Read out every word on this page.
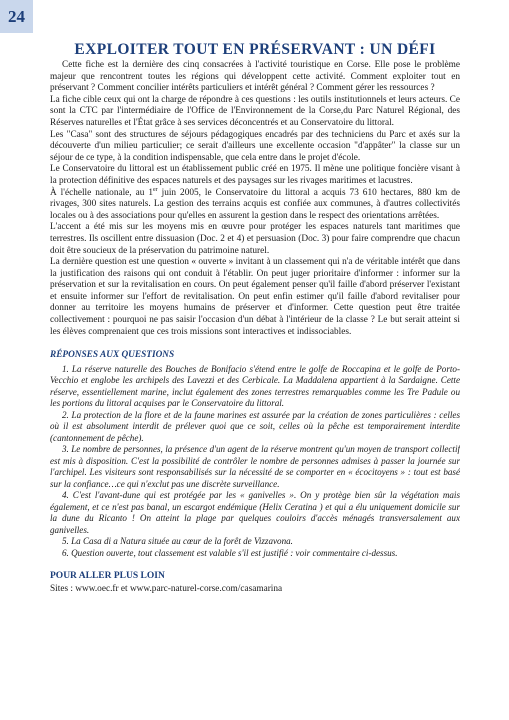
24
EXPLOITER TOUT EN PRÉSERVANT : UN DÉFI

Cette fiche est la dernière des cinq consacrées à l'activité touristique en Corse. Elle pose le problème majeur que rencontrent toutes les régions qui développent cette activité. Comment exploiter tout en préservant ? Comment concilier intérêts particuliers et intérêt général ? Comment gérer les ressources ?

La fiche cible ceux qui ont la charge de répondre à ces questions : les outils institutionnels et leurs acteurs. Ce sont la CTC par l'intermédiaire de l'Office de l'Environnement de la Corse,du Parc Naturel Régional, des Réserves naturelles et l'État grâce à ses services déconcentrés et au Conservatoire du littoral.

Les "Casa" sont des structures de séjours pédagogiques encadrés par des techniciens du Parc et axés sur la découverte d'un milieu particulier; ce serait d'ailleurs une excellente occasion "d'appâter" la classe sur un séjour de ce type, à la condition indispensable, que cela entre dans le projet d'école.

Le Conservatoire du littoral est un établissement public créé en 1975. Il mène une politique foncière visant à la protection définitive des espaces naturels et des paysages sur les rivages maritimes et lacustres.

À l'échelle nationale, au 1er juin 2005, le Conservatoire du littoral a acquis 73 610 hectares, 880 km de rivages, 300 sites naturels. La gestion des terrains acquis est confiée aux communes, à d'autres collectivités locales ou à des associations pour qu'elles en assurent la gestion dans le respect des orientations arrêtées.

L'accent a été mis sur les moyens mis en œuvre pour protéger les espaces naturels tant maritimes que terrestres. Ils oscillent entre dissuasion (Doc. 2 et 4) et persuasion (Doc. 3) pour faire comprendre que chacun doit être soucieux de la préservation du patrimoine naturel.

La dernière question est une question « ouverte » invitant à un classement qui n'a de véritable intérêt que dans la justification des raisons qui ont conduit à l'établir. On peut juger prioritaire d'informer : informer sur la préservation et sur la revitalisation en cours. On peut également penser qu'il faille d'abord préserver l'existant et ensuite informer sur l'effort de revitalisation. On peut enfin estimer qu'il faille d'abord revitaliser pour donner au territoire les moyens humains de préserver et d'informer. Cette question peut être traitée collectivement : pourquoi ne pas saisir l'occasion d'un débat à l'intérieur de la classe ? Le but serait atteint si les élèves comprenaient que ces trois missions sont interactives et indissociables.

RÉPONSES AUX QUESTIONS

1. La réserve naturelle des Bouches de Bonifacio s'étend entre le golfe de Roccapina et le golfe de Porto-Vecchio et englobe les archipels des Lavezzi et des Cerbicale. La Maddalena appartient à la Sardaigne. Cette réserve, essentiellement marine, inclut également des zones terrestres remarquables comme les Tre Padule ou les portions du littoral acquises par le Conservatoire du littoral.

2. La protection de la flore et de la faune marines est assurée par la création de zones particulières : celles où il est absolument interdit de prélever quoi que ce soit, celles où la pêche est temporairement interdite (cantonnement de pêche).

3. Le nombre de personnes, la présence d'un agent de la réserve montrent qu'un moyen de transport collectif est mis à disposition. C'est la possibilité de contrôler le nombre de personnes admises à passer la journée sur l'archipel. Les visiteurs sont responsabilisés sur la nécessité de se comporter en « écocitoyens » : tout est basé sur la confiance…ce qui n'exclut pas une discrète surveillance.

4. C'est l'avant-dune qui est protégée par les « ganivelles ». On y protège bien sûr la végétation mais également, et ce n'est pas banal, un escargot endémique (Helix Ceratina ) et qui a élu uniquement domicile sur la dune du Ricanto ! On atteint la plage par quelques couloirs d'accès ménagés transversalement aux ganivelles.

5. La Casa di a Natura située au cœur de la forêt de Vizzavona.

6. Question ouverte, tout classement est valable s'il est justifié : voir commentaire ci-dessus.

POUR ALLER PLUS LOIN

Sites : www.oec.fr et www.parc-naturel-corse.com/casamarina
